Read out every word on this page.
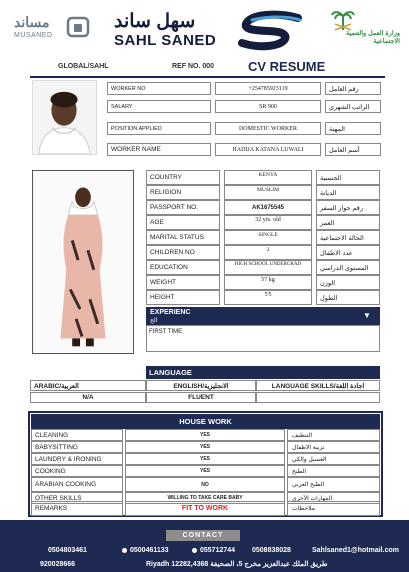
مساند
MUSANED
سهل ساند
SAHL SANED	وزارة العمل والتنمية الاجتماعية
GLOBAL/SAHL	REF NO. 000	CV RESUME
WORKER NO	+254785923119	رقم العامل
SALARY	SR 900	الراتب الشهري
POSITION APPLIED	DOMESTIC WORKER	المهنة
WORKER NAME	HADIJA KATANA LUWALI	أسم العامل
COUNTRY	KENYA	الجنسية
RELIGION	MUSLIM	الديانة
PASSPORT NO.	AK1675545	رقم جواز السفر
AGE	32 yrs. old	العمر
MARITAL STATUS	SINGLE	الحالة الاجتماعية
CHILDREN NO	2	عدد الاطفال
EDUCATION	HIGH SCHOOL UNDERGRAD	المستوى الدراسي
WEIGHT	57 kg	الوزن
HEIGHT	5'5	الطول
EXPERIENC
الخ
▼
FIRST TIME
LANGUAGE
ARABIC/العربية	ENGLISH/الانجليزية	LANGUAGE SKILLS/اجادة اللغة
N/A	FLUENT
HOUSE WORK
CLEANING	YES	التنظيف
BABYSITTING	YES	تربية الاطفال
LAUNDRY & IRONING	YES	الغسيل والكي
COOKING	YES	الطبخ
ARABIAN COOKING	NO	الطبخ العربي
OTHER SKILLS	WILLING TO TAKE CARE BABY	المهارات الأخرى
REMARKS	FIT TO WORK	ملاحظات
CONTACT
0504803461	0500461133	055712744 0508838028	Sahlsaned1@hotmail.com
920028666	Riyadh 12282,4368 طريق الملك عبدالعزيز مخرج 5، الصحيفة
